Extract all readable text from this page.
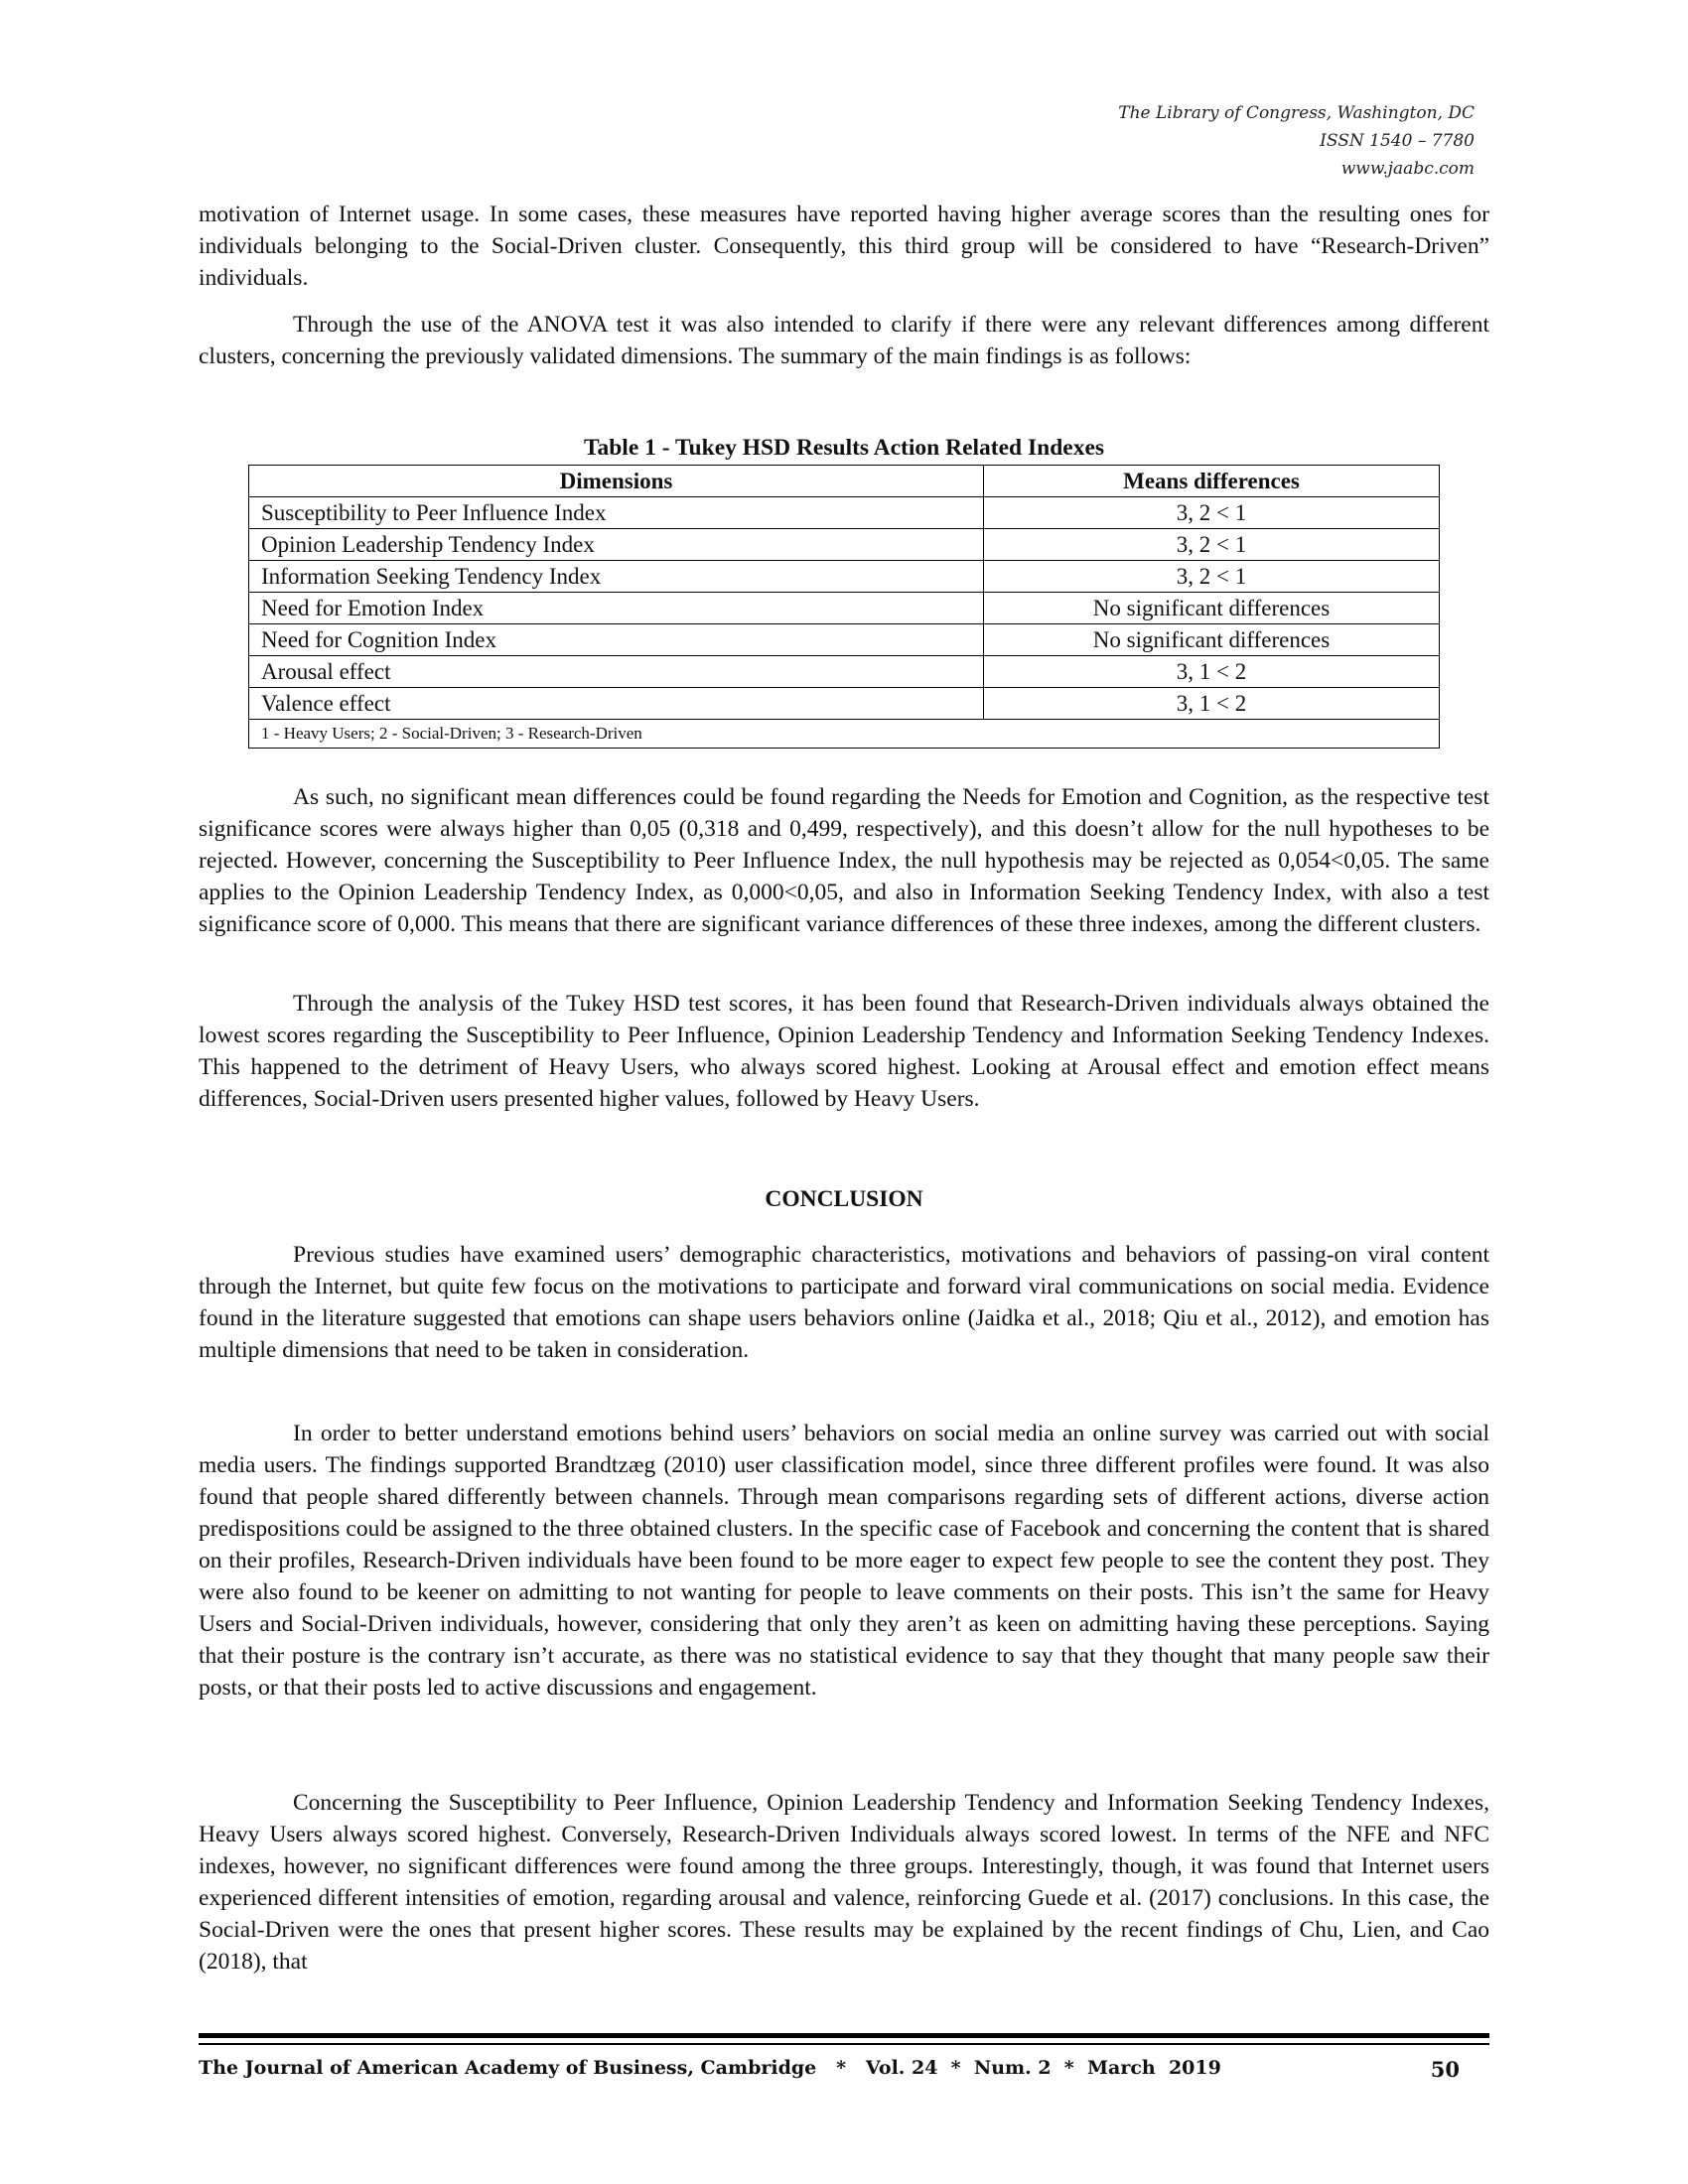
The Library of Congress, Washington, DC
ISSN 1540 – 7780
www.jaabc.com

motivation of Internet usage. In some cases, these measures have reported having higher average scores than the resulting ones for individuals belonging to the Social-Driven cluster. Consequently, this third group will be considered to have “Research-Driven” individuals.

Through the use of the ANOVA test it was also intended to clarify if there were any relevant differences among different clusters, concerning the previously validated dimensions. The summary of the main findings is as follows:

Table 1 - Tukey HSD Results Action Related Indexes
Dimensions	Means differences
Susceptibility to Peer Influence Index	3, 2 < 1
Opinion Leadership Tendency Index	3, 2 < 1
Information Seeking Tendency Index	3, 2 < 1
Need for Emotion Index	No significant differences
Need for Cognition Index	No significant differences
Arousal effect	3, 1 < 2
Valence effect	3, 1 < 2
1 - Heavy Users; 2 - Social-Driven; 3 - Research-Driven	

As such, no significant mean differences could be found regarding the Needs for Emotion and Cognition, as the respective test significance scores were always higher than 0,05 (0,318 and 0,499, respectively), and this doesn’t allow for the null hypotheses to be rejected. However, concerning the Susceptibility to Peer Influence Index, the null hypothesis may be rejected as 0,054<0,05. The same applies to the Opinion Leadership Tendency Index, as 0,000<0,05, and also in Information Seeking Tendency Index, with also a test significance score of 0,000. This means that there are significant variance differences of these three indexes, among the different clusters.

Through the analysis of the Tukey HSD test scores, it has been found that Research-Driven individuals always obtained the lowest scores regarding the Susceptibility to Peer Influence, Opinion Leadership Tendency and Information Seeking Tendency Indexes. This happened to the detriment of Heavy Users, who always scored highest. Looking at Arousal effect and emotion effect means differences, Social-Driven users presented higher values, followed by Heavy Users.

CONCLUSION

Previous studies have examined users’ demographic characteristics, motivations and behaviors of passing-on viral content through the Internet, but quite few focus on the motivations to participate and forward viral communications on social media. Evidence found in the literature suggested that emotions can shape users behaviors online (Jaidka et al., 2018; Qiu et al., 2012), and emotion has multiple dimensions that need to be taken in consideration.

In order to better understand emotions behind users’ behaviors on social media an online survey was carried out with social media users. The findings supported Brandtzæg (2010) user classification model, since three different profiles were found. It was also found that people shared differently between channels. Through mean comparisons regarding sets of different actions, diverse action predispositions could be assigned to the three obtained clusters. In the specific case of Facebook and concerning the content that is shared on their profiles, Research-Driven individuals have been found to be more eager to expect few people to see the content they post. They were also found to be keener on admitting to not wanting for people to leave comments on their posts. This isn’t the same for Heavy Users and Social-Driven individuals, however, considering that only they aren’t as keen on admitting having these perceptions. Saying that their posture is the contrary isn’t accurate, as there was no statistical evidence to say that they thought that many people saw their posts, or that their posts led to active discussions and engagement.

Concerning the Susceptibility to Peer Influence, Opinion Leadership Tendency and Information Seeking Tendency Indexes, Heavy Users always scored highest. Conversely, Research-Driven Individuals always scored lowest. In terms of the NFE and NFC indexes, however, no significant differences were found among the three groups. Interestingly, though, it was found that Internet users experienced different intensities of emotion, regarding arousal and valence, reinforcing Guede et al. (2017) conclusions. In this case, the Social-Driven were the ones that present higher scores. These results may be explained by the recent findings of Chu, Lien, and Cao (2018), that

The Journal of American Academy of Business, Cambridge   *   Vol. 24  *  Num. 2  *  March  2019	50
